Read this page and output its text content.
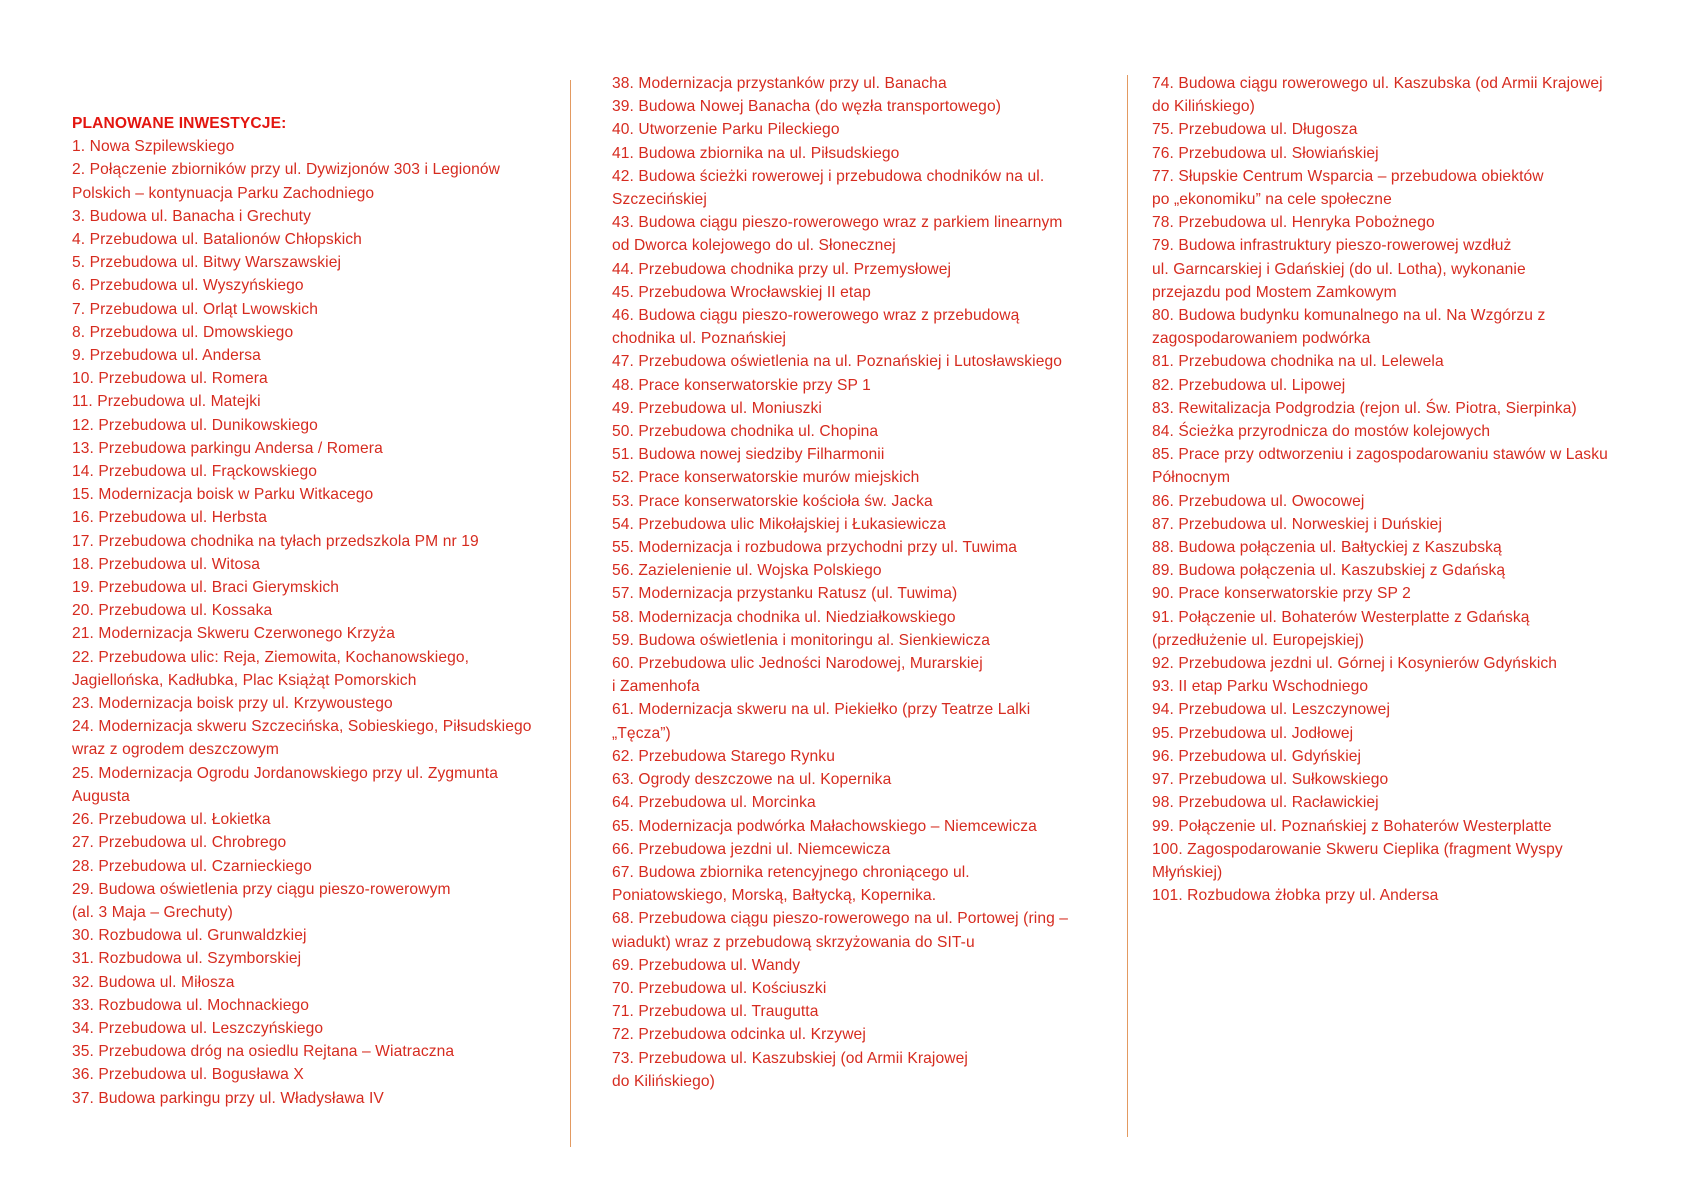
PLANOWANE INWESTYCJE:
1. Nowa Szpilewskiego
2. Połączenie zbiorników przy ul. Dywizjonów 303 i Legionów
Polskich – kontynuacja Parku Zachodniego
3. Budowa ul. Banacha i Grechuty
4. Przebudowa ul. Batalionów Chłopskich
5. Przebudowa ul. Bitwy Warszawskiej
6. Przebudowa ul. Wyszyńskiego
7. Przebudowa ul. Orląt Lwowskich
8. Przebudowa ul. Dmowskiego
9. Przebudowa ul. Andersa
10. Przebudowa ul. Romera
11. Przebudowa ul. Matejki
12. Przebudowa ul. Dunikowskiego
13. Przebudowa parkingu Andersa / Romera
14. Przebudowa ul. Frąckowskiego
15. Modernizacja boisk w Parku Witkacego
16. Przebudowa ul. Herbsta
17. Przebudowa chodnika na tyłach przedszkola PM nr 19
18. Przebudowa ul. Witosa
19. Przebudowa ul. Braci Gierymskich
20. Przebudowa ul. Kossaka
21. Modernizacja Skweru Czerwonego Krzyża
22. Przebudowa ulic: Reja, Ziemowita, Kochanowskiego,
Jagiellońska, Kadłubka, Plac Książąt Pomorskich
23. Modernizacja boisk przy ul. Krzywoustego
24. Modernizacja skweru Szczecińska, Sobieskiego, Piłsudskiego
wraz z ogrodem deszczowym
25. Modernizacja Ogrodu Jordanowskiego przy ul. Zygmunta
Augusta
26. Przebudowa ul. Łokietka
27. Przebudowa ul. Chrobrego
28. Przebudowa ul. Czarnieckiego
29. Budowa oświetlenia przy ciągu pieszo-rowerowym
(al. 3 Maja – Grechuty)
30. Rozbudowa ul. Grunwaldzkiej
31. Rozbudowa ul. Szymborskiej
32. Budowa ul. Miłosza
33. Rozbudowa ul. Mochnackiego
34. Przebudowa ul. Leszczyńskiego
35. Przebudowa dróg na osiedlu Rejtana – Wiatraczna
36. Przebudowa ul. Bogusława X
37. Budowa parkingu przy ul. Władysława IV
38. Modernizacja przystanków przy ul. Banacha
39. Budowa Nowej Banacha (do węzła transportowego)
40. Utworzenie Parku Pileckiego
41. Budowa zbiornika na ul. Piłsudskiego
42. Budowa ścieżki rowerowej i przebudowa chodników na ul.
Szczecińskiej
43. Budowa ciągu pieszo-rowerowego wraz z parkiem linearnym
od Dworca kolejowego do ul. Słonecznej
44. Przebudowa chodnika przy ul. Przemysłowej
45. Przebudowa Wrocławskiej II etap
46. Budowa ciągu pieszo-rowerowego wraz z przebudową
chodnika ul. Poznańskiej
47. Przebudowa oświetlenia na ul. Poznańskiej i Lutosławskiego
48. Prace konserwatorskie przy SP 1
49. Przebudowa ul. Moniuszki
50. Przebudowa chodnika ul. Chopina
51. Budowa nowej siedziby Filharmonii
52. Prace konserwatorskie murów miejskich
53. Prace konserwatorskie kościoła św. Jacka
54. Przebudowa ulic Mikołajskiej i Łukasiewicza
55. Modernizacja i rozbudowa przychodni przy ul. Tuwima
56. Zazielenienie ul. Wojska Polskiego
57. Modernizacja przystanku Ratusz (ul. Tuwima)
58. Modernizacja chodnika ul. Niedziałkowskiego
59. Budowa oświetlenia i monitoringu al. Sienkiewicza
60. Przebudowa ulic Jedności Narodowej, Murarskiej
i Zamenhofa
61. Modernizacja skweru na ul. Piekiełko (przy Teatrze Lalki
„Tęcza”)
62. Przebudowa Starego Rynku
63. Ogrody deszczowe na ul. Kopernika
64. Przebudowa ul. Morcinka
65. Modernizacja podwórka Małachowskiego – Niemcewicza
66. Przebudowa jezdni ul. Niemcewicza
67. Budowa zbiornika retencyjnego chroniącego ul.
Poniatowskiego, Morską, Bałtycką, Kopernika.
68. Przebudowa ciągu pieszo-rowerowego na ul. Portowej (ring –
wiadukt) wraz z przebudową skrzyżowania do SIT-u
69. Przebudowa ul. Wandy
70. Przebudowa ul. Kościuszki
71. Przebudowa ul. Traugutta
72. Przebudowa odcinka ul. Krzywej
73. Przebudowa ul. Kaszubskiej (od Armii Krajowej
do Kilińskiego)
74. Budowa ciągu rowerowego ul. Kaszubska (od Armii Krajowej
do Kilińskiego)
75. Przebudowa ul. Długosza
76. Przebudowa ul. Słowiańskiej
77. Słupskie Centrum Wsparcia – przebudowa obiektów
po „ekonomiku” na cele społeczne
78. Przebudowa ul. Henryka Pobożnego
79. Budowa infrastruktury pieszo-rowerowej wzdłuż
ul. Garncarskiej i Gdańskiej (do ul. Lotha), wykonanie
przejazdu pod Mostem Zamkowym
80. Budowa budynku komunalnego na ul. Na Wzgórzu z
zagospodarowaniem podwórka
81. Przebudowa chodnika na ul. Lelewela
82. Przebudowa ul. Lipowej
83. Rewitalizacja Podgrodzia (rejon ul. Św. Piotra, Sierpinka)
84. Ścieżka przyrodnicza do mostów kolejowych
85. Prace przy odtworzeniu i zagospodarowaniu stawów w Lasku
Północnym
86. Przebudowa ul. Owocowej
87. Przebudowa ul. Norweskiej i Duńskiej
88. Budowa połączenia ul. Bałtyckiej z Kaszubską
89. Budowa połączenia ul. Kaszubskiej z Gdańską
90. Prace konserwatorskie przy SP 2
91. Połączenie ul. Bohaterów Westerplatte z Gdańską
(przedłużenie ul. Europejskiej)
92. Przebudowa jezdni ul. Górnej i Kosynierów Gdyńskich
93. II etap Parku Wschodniego
94. Przebudowa ul. Leszczynowej
95. Przebudowa ul. Jodłowej
96. Przebudowa ul. Gdyńskiej
97. Przebudowa ul. Sułkowskiego
98. Przebudowa ul. Racławickiej
99. Połączenie ul. Poznańskiej z Bohaterów Westerplatte
100. Zagospodarowanie Skweru Cieplika (fragment Wyspy
Młyńskiej)
101. Rozbudowa żłobka przy ul. Andersa
